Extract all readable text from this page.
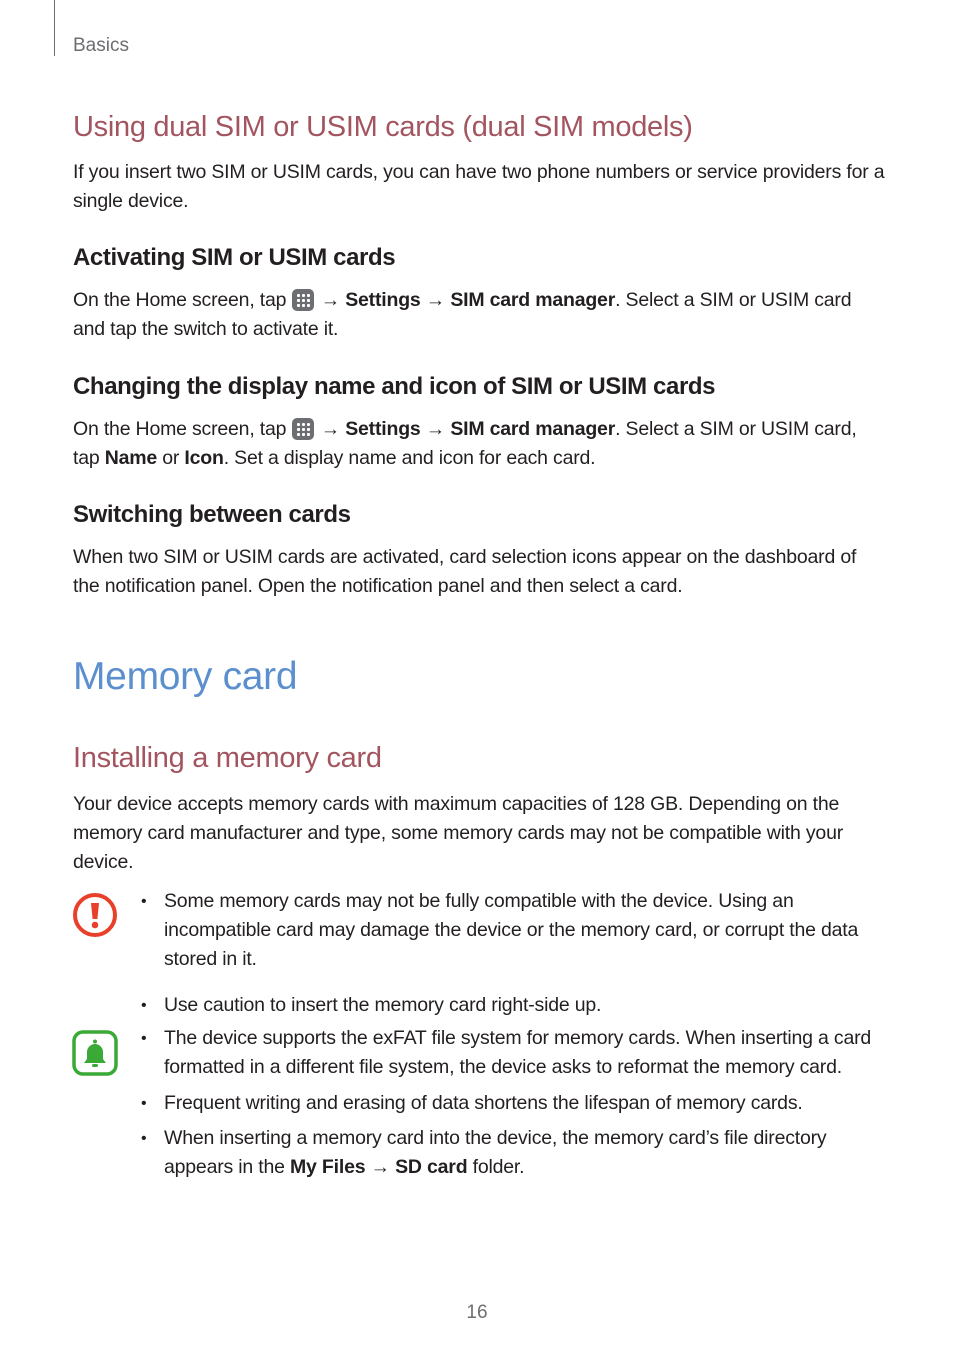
Basics
Using dual SIM or USIM cards (dual SIM models)

If you insert two SIM or USIM cards, you can have two phone numbers or service providers for a single device.

Activating SIM or USIM cards

On the Home screen, tap
→ Settings → SIM card manager. Select a SIM or USIM card and tap the switch to activate it.

Changing the display name and icon of SIM or USIM cards

On the Home screen, tap
→ Settings → SIM card manager. Select a SIM or USIM card, tap Name or Icon. Set a display name and icon for each card.

Switching between cards

When two SIM or USIM cards are activated, card selection icons appear on the dashboard of the notification panel. Open the notification panel and then select a card.

Memory card
Installing a memory card

Your device accepts memory cards with maximum capacities of 128 GB. Depending on the memory card manufacturer and type, some memory cards may not be compatible with your device.

• Some memory cards may not be fully compatible with the device. Using an incompatible card may damage the device or the memory card, or corrupt the data stored in it.
• Use caution to insert the memory card right-side up.
• The device supports the exFAT file system for memory cards. When inserting a card formatted in a different file system, the device asks to reformat the memory card.
• Frequent writing and erasing of data shortens the lifespan of memory cards.
• When inserting a memory card into the device, the memory card’s file directory appears in the My Files → SD card folder.
16
